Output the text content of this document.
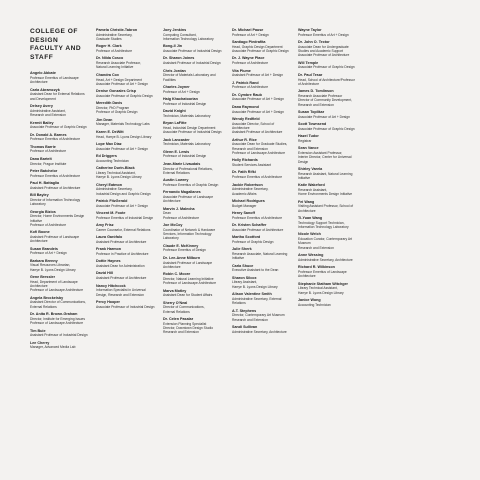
COLLEGE OF DESIGN FACULTY AND STAFF
Angelo Abbate
Professor Emeritus of Landscape
Architecture
Carla Abramczyk
Assistant Dean for External Relations
and Development
Delsey Avery
Administrative Assistant,
Research and Extension
Kermit Bailey
Associate Professor of Graphic Design
Dr. Donald A. Barnes
Professor Emeritus of Architecture
Thomas Barrie
Professor of Architecture
Dana Bartelt
Director, Prague Institute
Peter Batchelor
Professor Emeritus of Architecture
Paul H. Battaglia
Assistant Professor of Architecture
Bill Bayley
Director of Information Technology
Laboratory
Georgia Bizios
Director, Home Environments Design
Initiative
Professor of Architecture
Kofi Boone
Assistant Professor of Landscape
Architecture
Susan Brandeis
Professor of Art + Design
Barbara Brenny
Visual Resources Librarian,
Harrye B. Lyons Design Library
Gene Bressler
Head, Department of Landscape
Architecture
Professor of Landscape Architecture
Angela Brockelsby
Assistant Director of Communications,
External Relations
Dr. Anita R. Brown-Graham
Director, Institute for Emerging Issues
Professor of Landscape Architecture
Tim Buie
Assistant Professor of Industrial Design
Lee Cherry
Manager, Advanced Media Lab
Pamela Christie-Tabron
Administrative Secretary,
Graduate Studies
Roger H. Clark
Professor of Architecture
Dr. Nilda Cosco
Research Associate Professor,
Natural Learning Initiative
Chandra Cox
Head, Art + Design Department
Associate Professor of Art + Design
Denise Gonzales Crisp
Associate Professor of Graphic Design
Meredith Davis
Director, PhD Program
Professor of Graphic Design
Jim Dean
Manager, Materials Technology Labs
Karen E. DeWitt
Head, Harrye B. Lyons Design Library
Lope Max Díaz
Associate Professor of Art + Design
Ed Driggers
Accounting Technician
Catherine Durin-Black
Library Technical Assistant,
Harrye B. Lyons Design Library
Cheryl Eatmon
Administrative Secretary,
Industrial Design and Graphic Design
Patrick FitzGerald
Associate Professor of Art + Design
Vincent M. Foote
Professor Emeritus of Industrial Design
Amy Frisz
Career Counselor, External Relations
Laura Garófalo
Assistant Professor of Architecture
Frank Harmon
Professor in Practice of Architecture
Dottie Haynes
Assistant Dean for Administration
David Hill
Assistant Professor of Architecture
Nancy Hitchcock
Information Specialist in Universal
Design, Research and Extension
Percy Hooper
Associate Professor of Industrial Design
Joey Jenkins
Computing Consultant,
Information Technology Laboratory
Bong-Il Jin
Associate Professor of Industrial Design
Dr. Sharon Joines
Assistant Professor of Industrial Design
Chris Jordan
Director of Materials Laboratory and
Facilities
Charles Joyner
Professor of Art + Design
Haig Khachatoorian
Professor of Industrial Design
David Knight
Technician, Materials Laboratory
Bryan LaFitte
Head, Industrial Design Department
Associate Professor of Industrial Design
Jack Lancaster
Technician, Materials Laboratory
Glenn E. Lewis
Professor of Industrial Design
Jean-Marie Livaudais
Director of Professional Relations,
External Relations
Austin Lowrey
Professor Emeritus of Graphic Design
Fernando Magallanes
Associate Professor of Landscape
Architecture
Marvin J. Malecha
Dean
Professor of Architecture
Joe McCoy
Coordinator of Network & Hardware
Services, Information Technology
Laboratory
Claude E. McKinney
Professor Emeritus of Design
Dr. Lee-Anne Milburn
Assistant Professor of Landscape
Architecture
Robin C. Moore
Director, Natural Learning Initiative
Professor of Landscape Architecture
Marva Motley
Assistant Dean for Student Affairs
Sherry O'Neal
Director of Communications,
External Relations
Dr. Celen Pasalar
Extension Planning Specialist
Director, Downtown Design Studio
Research and Extension
Dr. Michael Pause
Professor of Art + Design
Santiago Piedrafita
Head, Graphic Design Department
Associate Professor of Graphic Design
Dr. J. Wayne Place
Professor of Architecture
Vita Plume
Assistant Professor of Art + Design
J. Patrick Rand
Professor of Architecture
Dr. Cymbre Raub
Associate Professor of Art + Design
Dana Raymond
Associate Professor of Art + Design
Wendy Redfield
Associate Director, School of Architecture
Assistant Professor of Architecture
Arthur R. Rice
Associate Dean for Graduate Studies,
Research and Extension
Professor of Landscape Architecture
Holly Richards
Student Services Assistant
Dr. Fatih Rifki
Professor Emeritus of Architecture
Jackie Robertson
Administrative Secretary,
Academic Affairs
Michael Rodrigues
Budget Manager
Henry Sanoff
Professor Emeritus of Architecture
Dr. Kristen Schaffer
Associate Professor of Architecture
Martha Scotford
Professor of Graphic Design
Julie Sherk
Research Associate, Natural Learning
Initiative
Carla Shuce
Executive Assistant to the Dean
Sharon Silcox
Library Assistant,
Harrye B. Lyons Design Library
Alison Valentine Smith
Administrative Secretary, External
Relations
A.T. Stephens
Director, Contemporary Art Museum
Research and Extension
Sandi Sullivan
Administrative Secretary, Architecture
Wayne Taylor
Professor Emeritus of Art + Design
Dr. John O. Tector
Associate Dean for Undergraduate
Studies and Academic Support
Associate Professor of Architecture
Will Temple
Associate Professor of Graphic Design
Dr. Paul Tesar
Head, School of Architecture/Professor
of Architecture
James D. Tomlinson
Research Associate Professor
Director of Community Development,
Research and Extension
Susan Toplikar
Associate Professor of Art + Design
Scott Townsend
Associate Professor of Graphic Design
Hazel Tudor
Registrar
Sean Vance
Extension Assistant Professor,
Interim Director, Center for Universal
Design
Shirley Varela
Research Assistant, Natural Learning
Initiative
Katie Wakeford
Research Assistant,
Home Environments Design Initiative
Fei Wang
Visiting Assistant Professor, School of
Architecture
Ti-Yuan Wang
Technology Support Technician,
Information Technology Laboratory
Nicole Welch
Education Curator, Contemporary Art
Museum
Research and Extension
Anne Wessing
Administrative Secretary, Architecture
Richard R. Wilkinson
Professor Emeritus of Landscape
Architecture
Stephanie Statham Witchger
Library Technical Assistant,
Harrye B. Lyons Design Library
Janice Wong
Accounting Technician
